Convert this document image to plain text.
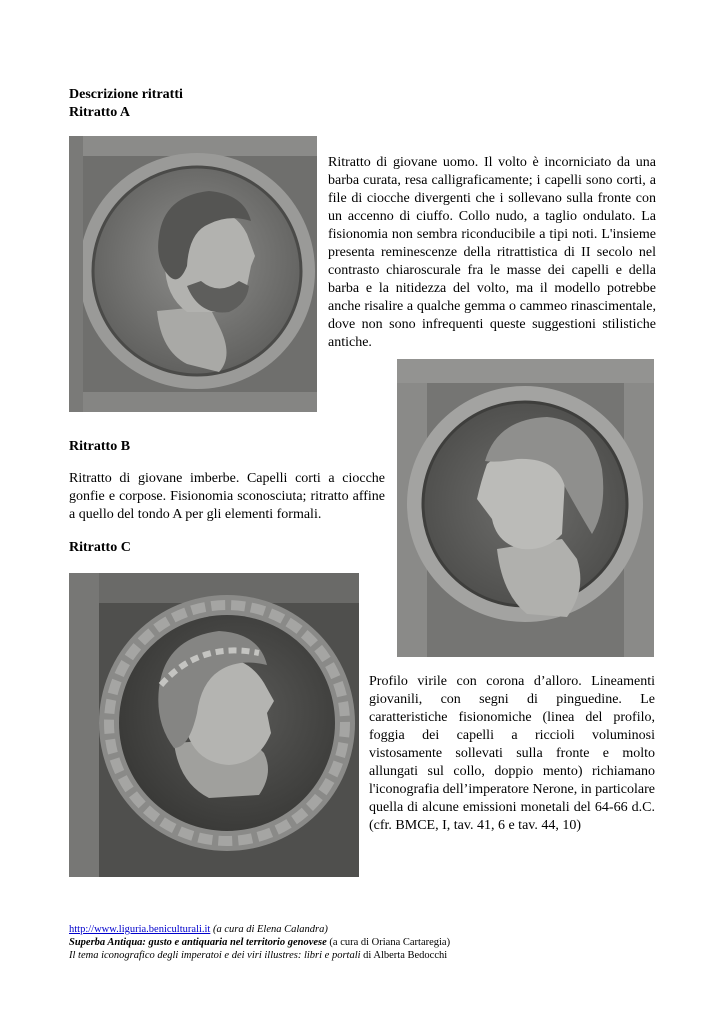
Descrizione ritratti
Ritratto A
Ritratto di giovane uomo. Il volto è incorniciato da una barba curata, resa calligraficamente; i capelli sono corti, a file di ciocche divergenti che i sollevano sulla fronte con un accenno di ciuffo. Collo nudo, a taglio ondulato. La fisionomia non sembra riconducibile a tipi noti. L'insieme presenta reminescenze della ritrattistica di II secolo nel contrasto chiaroscurale fra le masse dei capelli e della barba e la nitidezza del volto, ma il modello potrebbe anche risalire a qualche gemma o cammeo rinascimentale, dove non sono infrequenti queste suggestioni stilistiche antiche.
Ritratto B
Ritratto di giovane imberbe. Capelli corti a ciocche gonfie e corpose. Fisionomia sconosciuta; ritratto affine a quello del tondo A per gli elementi formali.
Ritratto C
Profilo virile con corona d’alloro. Lineamenti giovanili, con segni di pinguedine. Le caratteristiche fisionomiche (linea del profilo, foggia dei capelli a riccioli voluminosi vistosamente sollevati sulla fronte e molto allungati sul collo, doppio mento) richiamano l'iconografia dell’imperatore Nerone, in particolare quella di alcune emissioni monetali del 64-66 d.C. (cfr. BMCE, I, tav. 41, 6 e tav. 44, 10)
http://www.liguria.beniculturali.it (a cura di Elena Calandra)
Superba Antiqua: gusto e antiquaria nel territorio genovese (a cura di Oriana Cartaregia)
Il tema iconografico degli imperatoi e dei viri illustres: libri e portali di Alberta Bedocchi
